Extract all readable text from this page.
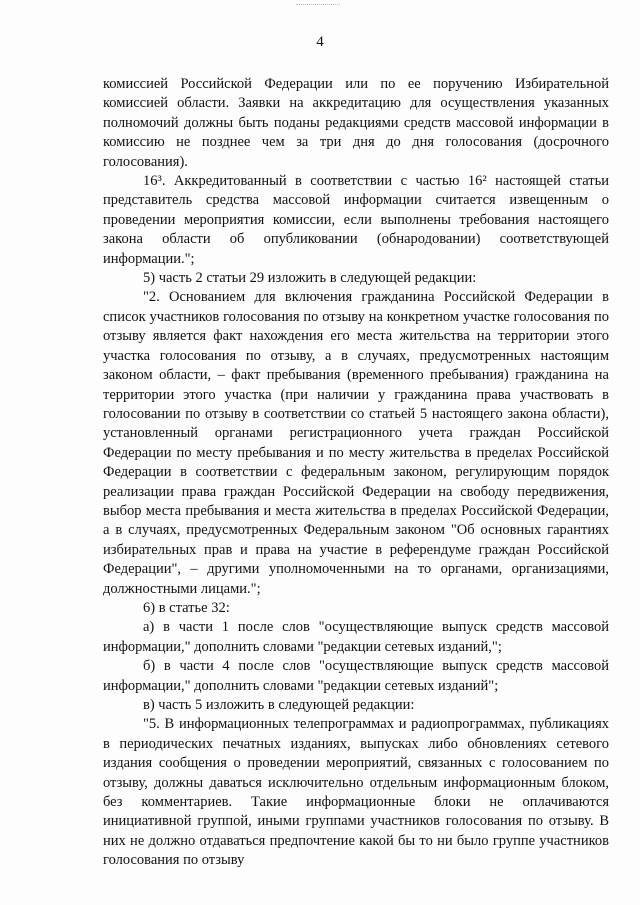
4

комиссией Российской Федерации или по ее поручению Избирательной комиссией области. Заявки на аккредитацию для осуществления указанных полномочий должны быть поданы редакциями средств массовой информации в комиссию не позднее чем за три дня до дня голосования (досрочного голосования).

16³. Аккредитованный в соответствии с частью 16² настоящей статьи представитель средства массовой информации считается извещенным о проведении мероприятия комиссии, если выполнены требования настоящего закона области об опубликовании (обнародовании) соответствующей информации.";

5) часть 2 статьи 29 изложить в следующей редакции:

"2. Основанием для включения гражданина Российской Федерации в список участников голосования по отзыву на конкретном участке голосования по отзыву является факт нахождения его места жительства на территории этого участка голосования по отзыву, а в случаях, предусмотренных настоящим законом области, – факт пребывания (временного пребывания) гражданина на территории этого участка (при наличии у гражданина права участвовать в голосовании по отзыву в соответствии со статьей 5 настоящего закона области), установленный органами регистрационного учета граждан Российской Федерации по месту пребывания и по месту жительства в пределах Российской Федерации в соответствии с федеральным законом, регулирующим порядок реализации права граждан Российской Федерации на свободу передвижения, выбор места пребывания и места жительства в пределах Российской Федерации, а в случаях, предусмотренных Федеральным законом "Об основных гарантиях избирательных прав и права на участие в референдуме граждан Российской Федерации", – другими уполномоченными на то органами, организациями, должностными лицами.";

6) в статье 32:

а) в части 1 после слов "осуществляющие выпуск средств массовой информации," дополнить словами "редакции сетевых изданий,";

б) в части 4 после слов "осуществляющие выпуск средств массовой информации," дополнить словами "редакции сетевых изданий";

в) часть 5 изложить в следующей редакции:

"5. В информационных телепрограммах и радиопрограммах, публикациях в периодических печатных изданиях, выпусках либо обновлениях сетевого издания сообщения о проведении мероприятий, связанных с голосованием по отзыву, должны даваться исключительно отдельным информационным блоком, без комментариев. Такие информационные блоки не оплачиваются инициативной группой, иными группами участников голосования по отзыву. В них не должно отдаваться предпочтение какой бы то ни было группе участников голосования по отзыву
